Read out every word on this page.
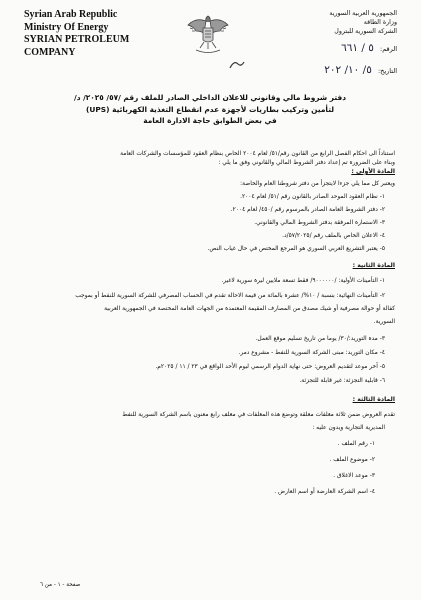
Syrian Arab Republic
Ministry Of Energy
SYRIAN PETROLEUM
COMPANY
الجمهورية العربية السورية
وزارة الطاقة
الشركة السورية للبترول
الرقم: ٥ / ٦٦١
التاريخ: ٥/ ١٠/ ٢٠٢
دفتر شروط مالي وقانوني للاعلان الداخلي الصادر للملف رقم /٥٧/ ٢٠٢٥/ د/
لتأمين وتركيب بطاريات لأجهزة عدم انقطاع التغذية الكهربائية (UPS)
في بعض الطوابق حاجة الادارة العامة
استناداً الى احكام الفصل الرابع من القانون رقم/٥١/ لعام ٢٠٠٤ الخاص بنظام العقود للمؤسسات والشركات العامة
وبناء على الضرورة تم إعداد دفتر الشروط المالي والقانوني وفق ما يلي :
المادة الأولى :
ويعتبر كل مما يلي جزءا لايتجزأ من دفتر شروطنا العام والخاصة:
١- نظام العقود الموحد الصادر بالقانون رقم /٥١/ لعام ٢٠٠٤.
٢- دفتر الشروط العامة الصادر بالمرسوم رقم /٤٥٠/ لعام ٢٠٠٤.
٣- الاستمارة المرفقة بدفتر الشروط المالي والقانوني.
٤- الاعلان الخاص بالملف رقم /٥٧/٢٠٢٥/د.
٥- يعتبر التشريع العربي السوري هو المرجع المختص في حال غياب النص.
المادة الثانية :
١- التأمينات الأولية: /٩٠٠٠٠٠٠/ فقط تسعة ملايين ليرة سورية لاغير.
٢- التأمينات النهائية: بنسبة / ١٠%/ عشرة بالمائة من قيمة الاحالة تقدم في الحساب المصرفي للشركة السورية للنفط أو بموجب
كفالة أو حوالة مصرفية أو شيك مصدق من المصارف المقيمة المعتمدة من الجهات العامة المختصة في الجمهورية العربية
السورية.
٣- مدة التوريد:/٣٠/ يوما من تاريخ تسليم موقع العمل.
٤- مكان التوريد: مبنى الشركة السورية للنفط - مشروع دمر.
٥- آخر موعد لتقديم العروض: حتى نهاية الدوام الرسمي ليوم الأحد الواقع في ٢٣ / ١١ / ٢٠٢٥م.
٦- قابلية التجزئة: غير قابلة للتجزئة.
المادة الثالثة :
تقدم العروض ضمن ثلاثة مغلفات مغلقة وتوضع هذه المغلفات في مغلف رابع معنون باسم الشركة السورية للنفط
المديرية التجارية ويدون عليه :
١- رقم الملف .
٢- موضوع الملف .
٣- موعد الاغلاق .
٤- اسم الشركة العارضة أو اسم العارض .
صفحة - ١ - من ٦
